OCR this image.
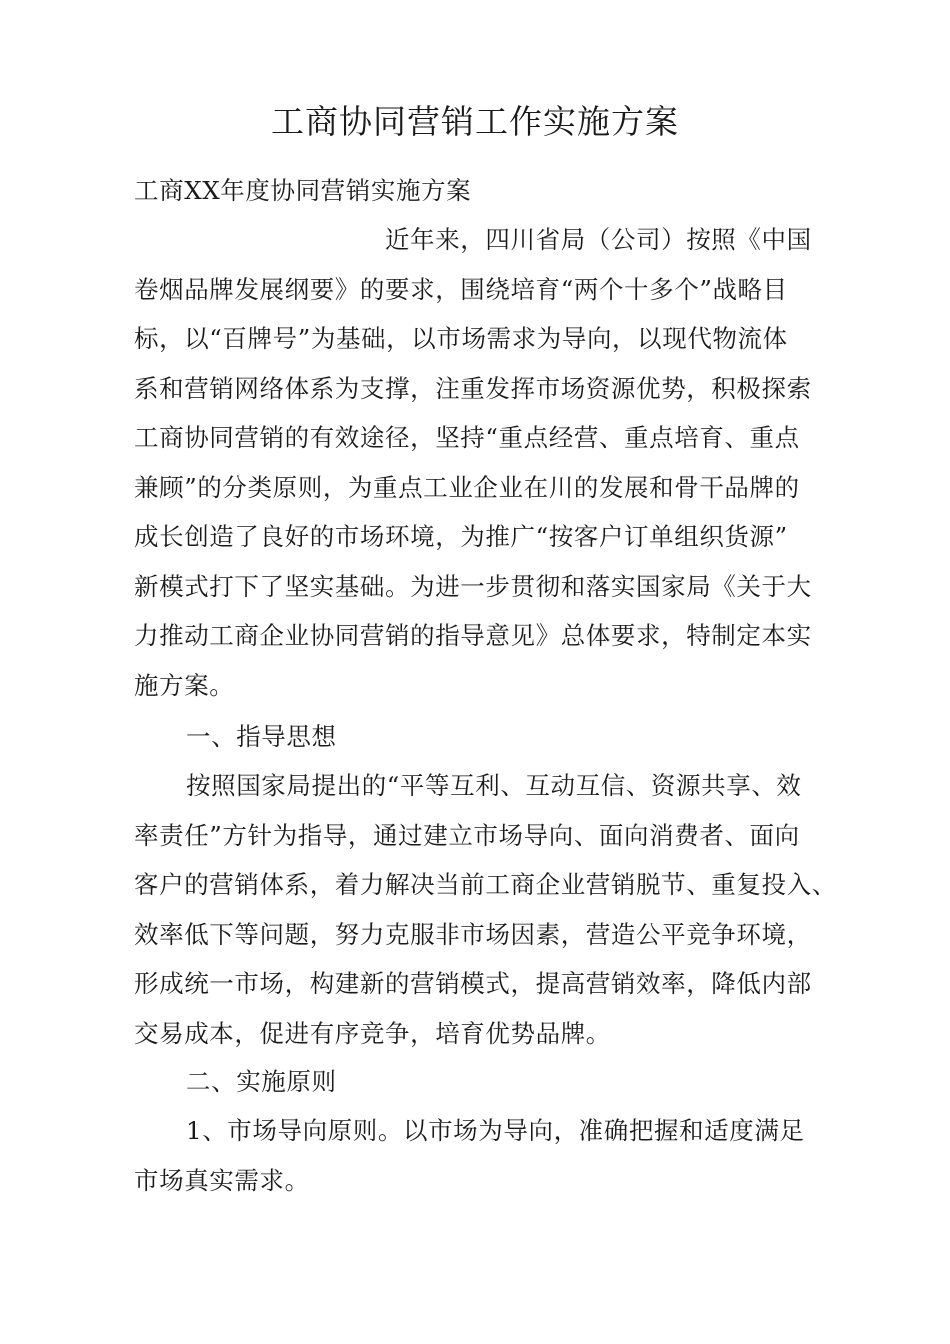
工商协同营销工作实施方案
工商XX年度协同营销实施方案
近年来，四川省局（公司）按照《中国
卷烟品牌发展纲要》的要求，围绕培育“两个十多个”战略目
标，以“百牌号”为基础，以市场需求为导向，以现代物流体
系和营销网络体系为支撑，注重发挥市场资源优势，积极探索
工商协同营销的有效途径，坚持“重点经营、重点培育、重点
兼顾”的分类原则，为重点工业企业在川的发展和骨干品牌的
成长创造了良好的市场环境，为推广“按客户订单组织货源”
新模式打下了坚实基础。为进一步贯彻和落实国家局《关于大
力推动工商企业协同营销的指导意见》总体要求，特制定本实
施方案。
一、指导思想
按照国家局提出的“平等互利、互动互信、资源共享、效
率责任”方针为指导，通过建立市场导向、面向消费者、面向
客户的营销体系，着力解决当前工商企业营销脱节、重复投入、
效率低下等问题，努力克服非市场因素，营造公平竞争环境，
形成统一市场，构建新的营销模式，提高营销效率，降低内部
交易成本，促进有序竞争，培育优势品牌。
二、实施原则
1、市场导向原则。以市场为导向，准确把握和适度满足
市场真实需求。
